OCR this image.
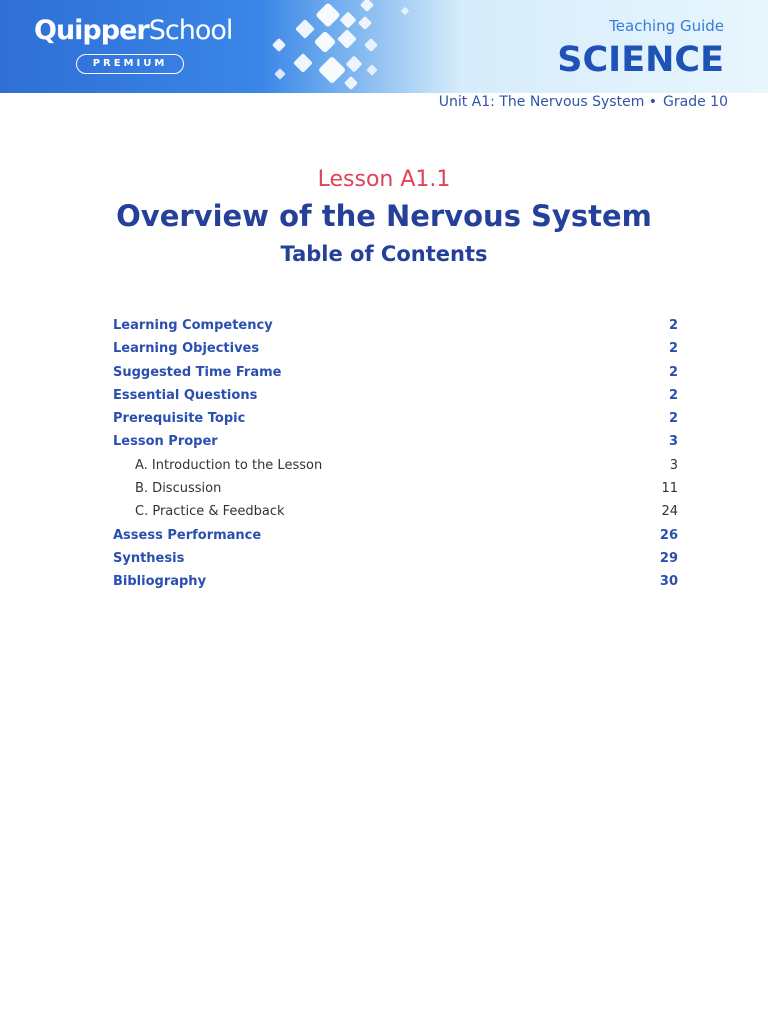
QuipperSchool
PREMIUM
Teaching Guide
SCIENCE
Unit A1: The Nervous System • Grade 10
Lesson A1.1
Overview of the Nervous System
Table of Contents
Learning Competency	2
Learning Objectives	2
Suggested Time Frame	2
Essential Questions	2
Prerequisite Topic	2
Lesson Proper	3
A. Introduction to the Lesson	3
B. Discussion	11
C. Practice & Feedback	24
Assess Performance	26
Synthesis	29
Bibliography	30
